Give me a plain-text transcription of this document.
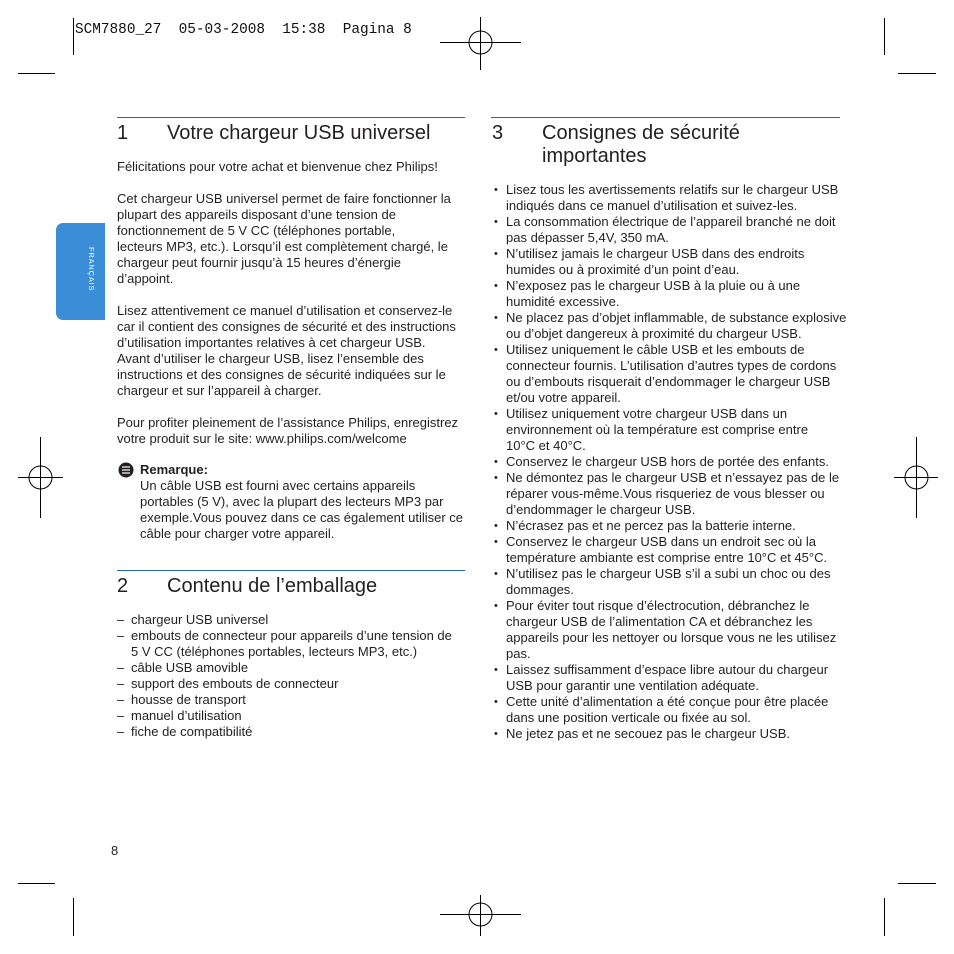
SCM7880_27  05-03-2008  15:38  Pagina 8
FRANÇAIS
1 Votre chargeur USB universel
Félicitations pour votre achat et bienvenue chez Philips!
Cet chargeur USB universel permet de faire fonctionner la
plupart des appareils disposant d’une tension de
fonctionnement de 5 V CC (téléphones portable,
lecteurs MP3, etc.). Lorsqu’il est complètement chargé, le
chargeur peut fournir jusqu’à 15 heures d’énergie
d’appoint.
Lisez attentivement ce manuel d’utilisation et conservez-le
car il contient des consignes de sécurité et des instructions
d’utilisation importantes relatives à cet chargeur USB.
Avant d’utiliser le chargeur USB, lisez l’ensemble des
instructions et des consignes de sécurité indiquées sur le
chargeur et sur l’appareil à charger.
Pour profiter pleinement de l’assistance Philips, enregistrez
votre produit sur le site: www.philips.com/welcome
Remarque:
Un câble USB est fourni avec certains appareils
portables (5 V), avec la plupart des lecteurs MP3 par
exemple.Vous pouvez dans ce cas également utiliser ce
câble pour charger votre appareil.
2 Contenu de l’emballage
– chargeur USB universel
– embouts de connecteur pour appareils d’une tension de
5 V CC (téléphones portables, lecteurs MP3, etc.)
– câble USB amovible
– support des embouts de connecteur
– housse de transport
– manuel d’utilisation
– fiche de compatibilité
3 Consignes de sécurité
importantes
• Lisez tous les avertissements relatifs sur le chargeur USB
indiqués dans ce manuel d’utilisation et suivez-les.
• La consommation électrique de l’appareil branché ne doit
pas dépasser 5,4V, 350 mA.
• N’utilisez jamais le chargeur USB dans des endroits
humides ou à proximité d’un point d’eau.
• N’exposez pas le chargeur USB à la pluie ou à une
humidité excessive.
• Ne placez pas d’objet inflammable, de substance explosive
ou d’objet dangereux à proximité du chargeur USB.
• Utilisez uniquement le câble USB et les embouts de
connecteur fournis. L’utilisation d’autres types de cordons
ou d’embouts risquerait d’endommager le chargeur USB
et/ou votre appareil.
• Utilisez uniquement votre chargeur USB dans un
environnement où la température est comprise entre
10°C et 40°C.
• Conservez le chargeur USB hors de portée des enfants.
• Ne démontez pas le chargeur USB et n’essayez pas de le
réparer vous-même.Vous risqueriez de vous blesser ou
d’endommager le chargeur USB.
• N’écrasez pas et ne percez pas la batterie interne.
• Conservez le chargeur USB dans un endroit sec où la
température ambiante est comprise entre 10°C et 45°C.
• N’utilisez pas le chargeur USB s’il a subi un choc ou des
dommages.
• Pour éviter tout risque d’électrocution, débranchez le
chargeur USB de l’alimentation CA et débranchez les
appareils pour les nettoyer ou lorsque vous ne les utilisez
pas.
• Laissez suffisamment d’espace libre autour du chargeur
USB pour garantir une ventilation adéquate.
• Cette unité d’alimentation a été conçue pour être placée
dans une position verticale ou fixée au sol.
• Ne jetez pas et ne secouez pas le chargeur USB.
8
